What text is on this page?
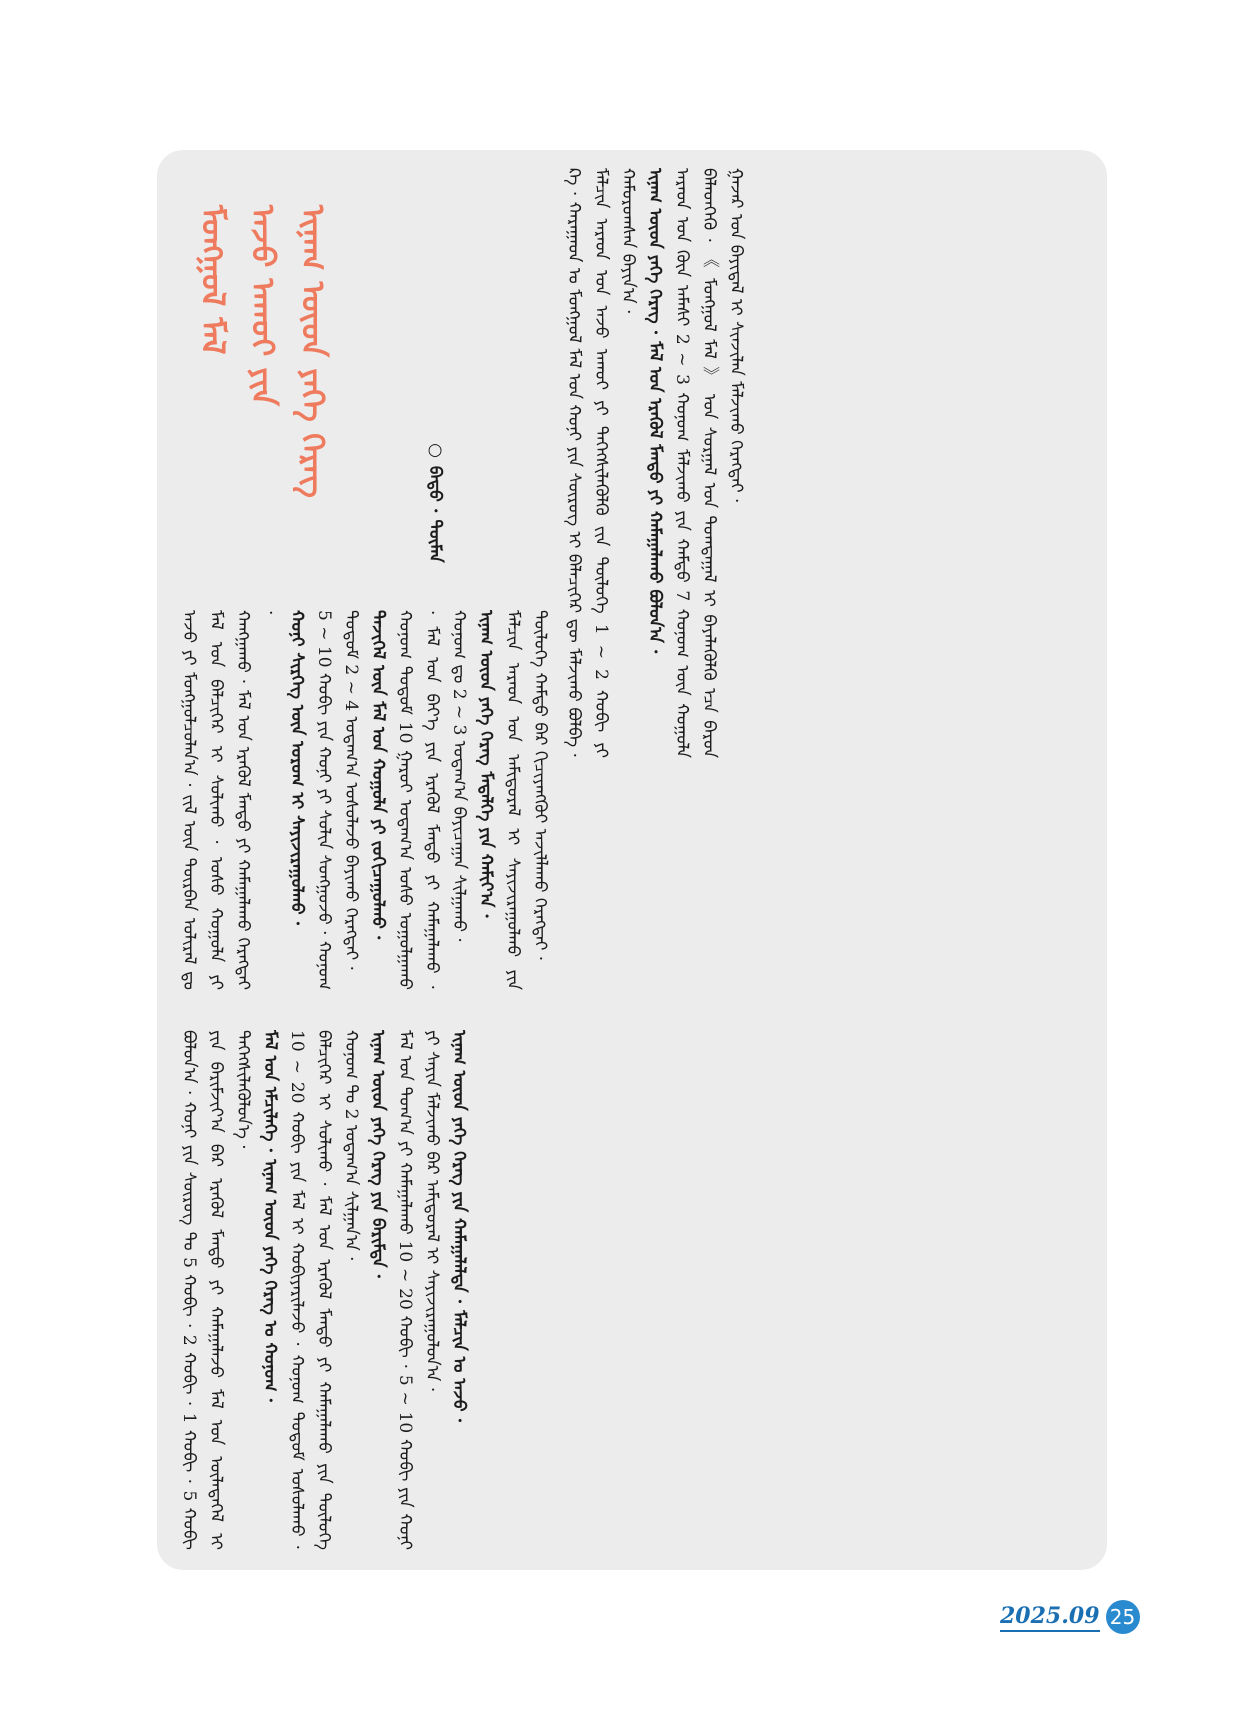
ᠮᠣᠩᠭᠣᠯ ᠮᠠᠯ ᠠᠵᠤ ᠠᠬᠤᠢ ᠶᠢᠨ ᠢᠨᠠᠭ ᠦᠳ ᠶᠡᠭᠡ ᠬᠡᠷᠡᠭ
○ ᠪᠠᠲᠤ · ᠲᠦᠮᠡᠨ	ᠺᠡ · ᠬᠠᠷᠠᠭᠠᠳ ᠤ ᠮᠣᠩᠭᠣᠯ ᠮᠠᠯ ᠤᠨ ᠬᠣᠨᠢ ᠶᠢᠨ ᠰᠦᠷᠦᠭ ᠢ ᠪᠡᠯᠡᠴᠢᠭᠡᠷ ᠳᠦ ᠮᠠᠯᠵᠢᠬᠤ ᠪᠣᠯᠪᠠ · ᠮᠠᠯᠴᠢᠨ ᠠᠷᠠᠳ ᠤᠨ ᠠᠵᠤ ᠠᠬᠤᠢ ᠶᠢ ᠳᠡᠭᠡᠭᠰᠢᠯᠡᠭᠦᠯᠬᠦ ᠵᠢᠨ ᠲᠥᠯᠦᠭᠡ 1 ~ 2 ᠬᠤᠪᠢ ᠶᠢ ᠬᠠᠮᠤᠷᠤᠭᠰᠠᠨ ᠪᠠᠶᠢᠨ᠎ᠠ · ᠢᠨᠠᠭ ᠦᠳ ᠶᠡᠭᠡ ᠬᠡᠷᠡᠭ · ᠮᠠᠯ ᠤᠨ ᠡᠷᠡᠭᠦᠯ ᠮᠡᠨᠳᠦ ᠶᠢ ᠬᠠᠮᠠᠭᠠᠯᠠᠬᠤ ᠪᠣᠯᠤᠨ᠎ᠠ · ᠠᠷᠠᠳ ᠤᠨ ᠬᠦᠨ ᠠᠮᠠᠰᠢ 2 ~ 3 ᠬᠣᠨᠤᠭ ᠮᠠᠯᠵᠢᠬᠤ ᠶᠢᠨ ᠬᠠᠮᠲᠤ 7 ᠬᠣᠨᠤᠭ ᠦᠨ ᠬᠣᠭᠤᠯᠠ ᠪᠡᠯᠡᠳᠬᠡᠬᠦ · 《 ᠮᠣᠩᠭᠣᠯ ᠮᠠᠯ 》 ᠤᠨ ᠰᠤᠷᠭᠠᠯ ᠤᠨ ᠲᠣᠭᠲᠠᠭᠠᠯ ᠢ ᠪᠡᠶᠡᠯᠡᠭᠦᠯᠬᠦ ᠡᠴᠡ ᠪᠠᠷᠤᠨ ᠭᠠᠵᠠᠷ ᠤᠨ ᠪᠠᠶᠢᠳᠠᠯ ᠢ ᠰᠢᠨᠵᠢᠯᠡᠨ ᠮᠠᠯᠵᠢᠬᠤ ᠬᠡᠷᠡᠭᠲᠡᠢ ·

ᠠᠵᠤ ᠶᠢ ᠮᠣᠩᠭᠣᠯᠴᠤᠯᠠᠨ᠎ᠠ · ᠵᠢᠯ ᠦᠨ ᠳᠥᠷᠪᠡᠨ ᠤᠯᠢᠷᠠᠯ ᠳᠤ ᠮᠠᠯ ᠤᠨ ᠪᠡᠯᠴᠢᠭᠡᠷ ᠢ ᠰᠣᠯᠢᠬᠤ · ᠤᠰᠤ ᠬᠣᠭᠤᠯᠠ ᠶᠢ ᠬᠠᠩᠭᠠᠬᠤ · ᠮᠠᠯ ᠤᠨ ᠡᠷᠡᠭᠦᠯ ᠮᠡᠨᠳᠦ ᠶᠢ ᠬᠠᠮᠠᠭᠠᠯᠠᠬᠤ ᠬᠡᠷᠡᠭᠲᠡᠢ · ᠬᠣᠨᠢ ᠰᠢᠷᠬᠡᠭ ᠦᠨ ᠤᠷᠤᠭ ᠢ ᠰᠠᠶᠢᠵᠢᠷᠠᠭᠤᠯᠬᠤ · 5 ~ 10 ᠬᠤᠪᠢ ᠶᠢᠨ ᠬᠣᠨᠢ ᠶᠢ ᠰᠤᠯᠢᠨ ᠰᠣᠩᠭᠤᠵᠤ · ᠬᠣᠨᠤᠭ ᠲᠤᠲᠤᠮ 2 ~ 4 ᠤᠳᠠᠭ᠎ᠠ ᠤᠰᠤᠯᠠᠵᠤ ᠪᠠᠶᠢᠬᠤ ᠬᠡᠷᠡᠭᠲᠡᠢ · ᠲᠡᠵᠢᠭᠡᠯ ᠦᠨ ᠮᠠᠯ ᠤᠨ ᠬᠣᠭᠤᠯᠠ ᠶᠢ ᠵᠣᠬᠢᠴᠠᠭᠤᠯᠬᠤ · ᠬᠣᠨᠤᠭ ᠲᠤᠲᠤᠮ 10 ᠭᠠᠷᠤᠢ ᠤᠳᠠᠭ᠎ᠠ ᠤᠰᠤ ᠤᠭᠤᠯᠭᠠᠬᠤ · ᠮᠠᠯ ᠤᠨ ᠪᠡᠶ᠎ᠡ ᠶᠢᠨ ᠡᠷᠡᠭᠦᠯ ᠮᠡᠨᠳᠦ ᠶᠢ ᠬᠠᠮᠠᠭᠠᠯᠠᠬᠤ · ᠬᠣᠨᠤᠭ ᠳᠤ 2 ~ 3 ᠤᠳᠠᠭ᠎ᠠ ᠪᠠᠶᠢᠴᠠᠭᠠᠨ ᠰᠢᠯᠭᠠᠬᠤ · ᠢᠨᠠᠭ ᠦᠳ ᠶᠡᠭᠡ ᠬᠡᠷᠡᠭ ᠮᠡᠳᠡᠯᠭᠡ ᠶᠢᠨ ᠬᠠᠮᠢᠶ᠎ᠠ · ᠮᠠᠯᠴᠢᠨ ᠠᠷᠠᠳ ᠤᠨ ᠠᠮᠢᠳᠤᠷᠠᠯ ᠢ ᠰᠠᠶᠢᠵᠢᠷᠠᠭᠤᠯᠬᠤ ᠶᠢᠨ ᠲᠥᠯᠦᠭᠡ ᠬᠠᠮᠲᠤ ᠪᠡᠷ ᠬᠢᠴᠢᠶᠡᠩᠭᠦᠢ ᠠᠵᠢᠯᠯᠠᠬᠤ ᠬᠡᠷᠡᠭᠲᠡᠢ ·

ᠪᠣᠯᠤᠨ᠎ᠠ · ᠬᠣᠨᠢ ᠶᠢᠨ ᠰᠦᠷᠦᠭ ᠲᠤ 5 ᠬᠤᠪᠢ · 2 ᠬᠤᠪᠢ · 1 ᠬᠤᠪᠢ · 5 ᠬᠤᠪᠢ ᠶᠢᠨ ᠪᠠᠷᠢᠮᠵᠢᠶ᠎ᠠ ᠪᠠᠷ ᠡᠷᠡᠭᠦᠯ ᠮᠡᠨᠳᠦ ᠶᠢ ᠬᠠᠮᠠᠭᠠᠯᠠᠵᠤ ᠮᠠᠯ ᠤᠨ ᠦᠯᠡᠳᠡᠭᠡᠯ ᠢ ᠳᠡᠭᠡᠭᠰᠢᠯᠡᠭᠦᠯᠦᠨ᠎ᠡ · ᠮᠠᠯ ᠤᠨ ᠡᠮᠴᠢᠯᠡᠭᠡ · ᠢᠨᠠᠭ ᠦᠳ ᠶᠡᠭᠡ ᠬᠡᠷᠡᠭ ᠤ ᠬᠣᠨᠤᠭ · 10 ~ 20 ᠬᠤᠪᠢ ᠶᠢᠨ ᠮᠠᠯ ᠢ ᠬᠤᠪᠢᠶᠠᠷᠢᠯᠠᠵᠤ · ᠬᠣᠨᠤᠭ ᠲᠤᠲᠤᠮ ᠤᠰᠤᠯᠠᠬᠤ · ᠪᠡᠯᠴᠢᠭᠡᠷ ᠢ ᠰᠣᠯᠢᠬᠤ · ᠮᠠᠯ ᠤᠨ ᠡᠷᠡᠭᠦᠯ ᠮᠡᠨᠳᠦ ᠶᠢ ᠬᠠᠮᠠᠭᠠᠯᠠᠬᠤ ᠶᠢᠨ ᠲᠥᠯᠦᠭᠡ ᠬᠣᠨᠤᠭ ᠲᠤ 2 ᠤᠳᠠᠭ᠎ᠠ ᠰᠢᠯᠭᠠᠨ᠎ᠠ · ᠢᠨᠠᠭ ᠦᠳ ᠶᠡᠭᠡ ᠬᠡᠷᠡᠭ ᠶᠢᠨ ᠪᠠᠷᠢᠮᠲᠠ · ᠮᠠᠯ ᠤᠨ ᠲᠣᠭ᠎ᠠ ᠶᠢ ᠬᠠᠮᠠᠭᠠᠯᠠᠬᠤ 10 ~ 20 ᠬᠤᠪᠢ · 5 ~ 10 ᠬᠤᠪᠢ ᠶᠢᠨ ᠬᠣᠨᠢ ᠶᠢ ᠰᠠᠶᠢᠨ ᠮᠠᠯᠵᠢᠬᠤ ᠪᠠᠷ ᠠᠮᠢᠳᠤᠷᠠᠯ ᠢ ᠰᠠᠶᠢᠵᠢᠷᠠᠭᠤᠯᠤᠨ᠎ᠠ · ᠢᠨᠠᠭ ᠦᠳ ᠶᠡᠭᠡ ᠬᠡᠷᠡᠭ ᠶᠢᠨ ᠬᠠᠮᠠᠭᠠᠯᠠᠯᠲᠠ · ᠮᠠᠯᠴᠢᠨ ᠤ ᠠᠵᠤ ·

2025.09 25
